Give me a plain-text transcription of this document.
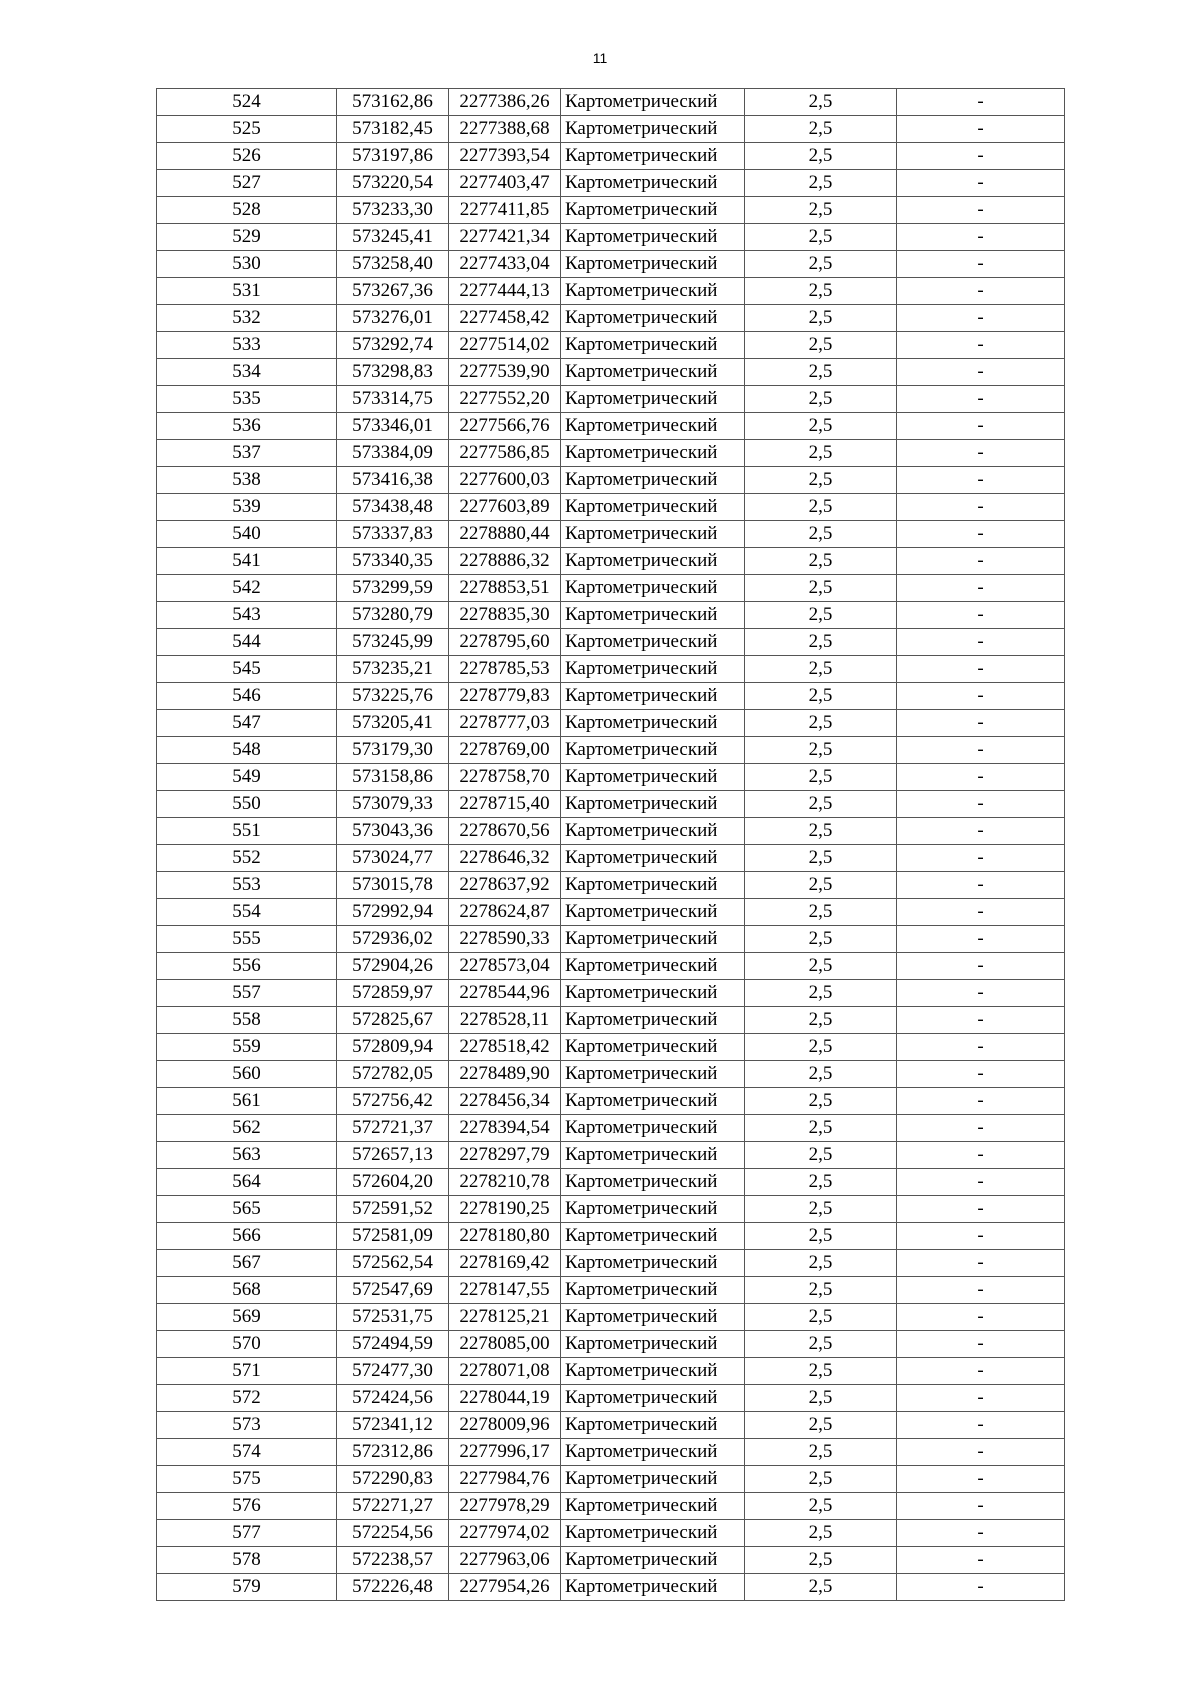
11
524	573162,86	2277386,26	Картометрический	2,5	-
525	573182,45	2277388,68	Картометрический	2,5	-
526	573197,86	2277393,54	Картометрический	2,5	-
527	573220,54	2277403,47	Картометрический	2,5	-
528	573233,30	2277411,85	Картометрический	2,5	-
529	573245,41	2277421,34	Картометрический	2,5	-
530	573258,40	2277433,04	Картометрический	2,5	-
531	573267,36	2277444,13	Картометрический	2,5	-
532	573276,01	2277458,42	Картометрический	2,5	-
533	573292,74	2277514,02	Картометрический	2,5	-
534	573298,83	2277539,90	Картометрический	2,5	-
535	573314,75	2277552,20	Картометрический	2,5	-
536	573346,01	2277566,76	Картометрический	2,5	-
537	573384,09	2277586,85	Картометрический	2,5	-
538	573416,38	2277600,03	Картометрический	2,5	-
539	573438,48	2277603,89	Картометрический	2,5	-
540	573337,83	2278880,44	Картометрический	2,5	-
541	573340,35	2278886,32	Картометрический	2,5	-
542	573299,59	2278853,51	Картометрический	2,5	-
543	573280,79	2278835,30	Картометрический	2,5	-
544	573245,99	2278795,60	Картометрический	2,5	-
545	573235,21	2278785,53	Картометрический	2,5	-
546	573225,76	2278779,83	Картометрический	2,5	-
547	573205,41	2278777,03	Картометрический	2,5	-
548	573179,30	2278769,00	Картометрический	2,5	-
549	573158,86	2278758,70	Картометрический	2,5	-
550	573079,33	2278715,40	Картометрический	2,5	-
551	573043,36	2278670,56	Картометрический	2,5	-
552	573024,77	2278646,32	Картометрический	2,5	-
553	573015,78	2278637,92	Картометрический	2,5	-
554	572992,94	2278624,87	Картометрический	2,5	-
555	572936,02	2278590,33	Картометрический	2,5	-
556	572904,26	2278573,04	Картометрический	2,5	-
557	572859,97	2278544,96	Картометрический	2,5	-
558	572825,67	2278528,11	Картометрический	2,5	-
559	572809,94	2278518,42	Картометрический	2,5	-
560	572782,05	2278489,90	Картометрический	2,5	-
561	572756,42	2278456,34	Картометрический	2,5	-
562	572721,37	2278394,54	Картометрический	2,5	-
563	572657,13	2278297,79	Картометрический	2,5	-
564	572604,20	2278210,78	Картометрический	2,5	-
565	572591,52	2278190,25	Картометрический	2,5	-
566	572581,09	2278180,80	Картометрический	2,5	-
567	572562,54	2278169,42	Картометрический	2,5	-
568	572547,69	2278147,55	Картометрический	2,5	-
569	572531,75	2278125,21	Картометрический	2,5	-
570	572494,59	2278085,00	Картометрический	2,5	-
571	572477,30	2278071,08	Картометрический	2,5	-
572	572424,56	2278044,19	Картометрический	2,5	-
573	572341,12	2278009,96	Картометрический	2,5	-
574	572312,86	2277996,17	Картометрический	2,5	-
575	572290,83	2277984,76	Картометрический	2,5	-
576	572271,27	2277978,29	Картометрический	2,5	-
577	572254,56	2277974,02	Картометрический	2,5	-
578	572238,57	2277963,06	Картометрический	2,5	-
579	572226,48	2277954,26	Картометрический	2,5	-
